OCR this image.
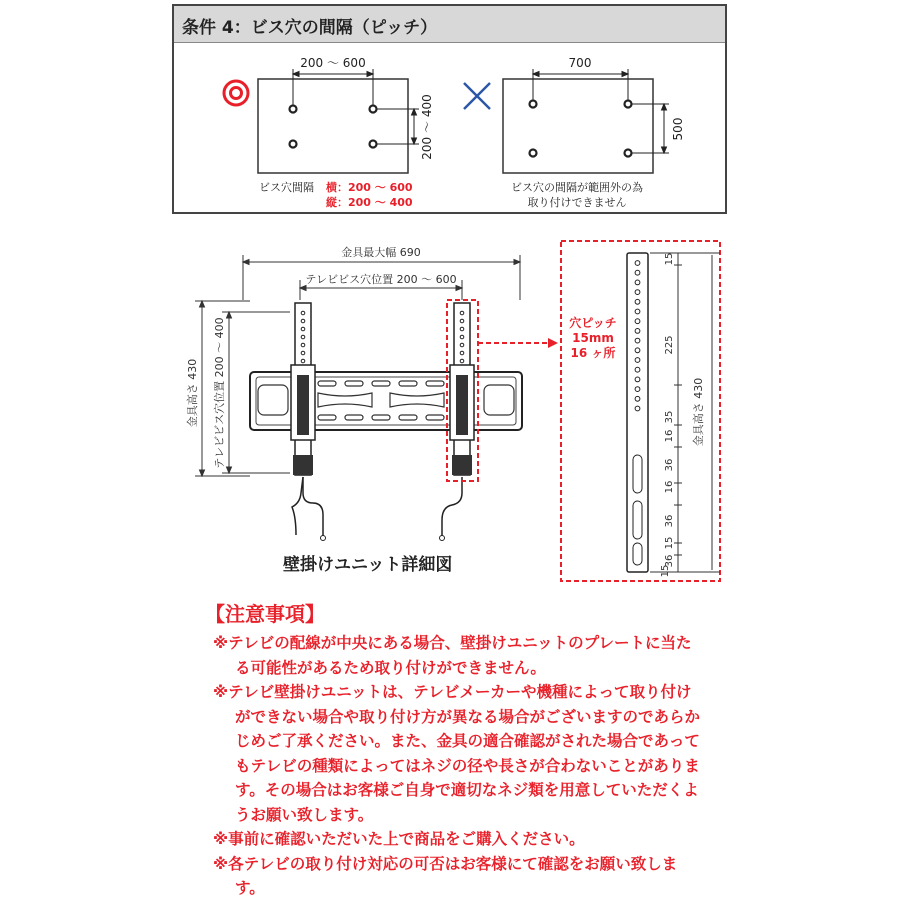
条件 4：ビス穴の間隔（ピッチ）
200 ～ 600
200 ～ 400
ビス穴間隔 横：200 ～ 600
縦：200 ～ 400
700
500
ビス穴の間隔が範囲外の為
取り付けできません
金具最大幅 690
テレビビス穴位置 200 ～ 600
金具高さ 430 テレビビス穴位置 200 ～ 400	穴ピッチ
15mm
16 ヶ所
金具高さ 430
15
225
35
16
36
16
36
15
36
15
壁掛けユニット詳細図
【注意事項】

※テレビの配線が中央にある場合、壁掛けユニットのプレートに当たる可能性があるため取り付けができません。

※テレビ壁掛けユニットは、テレビメーカーや機種によって取り付けができない場合や取り付け方が異なる場合がございますのであらかじめご了承ください。また、金具の適合確認がされた場合であってもテレビの種類によってはネジの径や長さが合わないことがあります。その場合はお客様ご自身で適切なネジ類を用意していただくようお願い致します。

※事前に確認いただいた上で商品をご購入ください。

※各テレビの取り付け対応の可否はお客様にて確認をお願い致します。
